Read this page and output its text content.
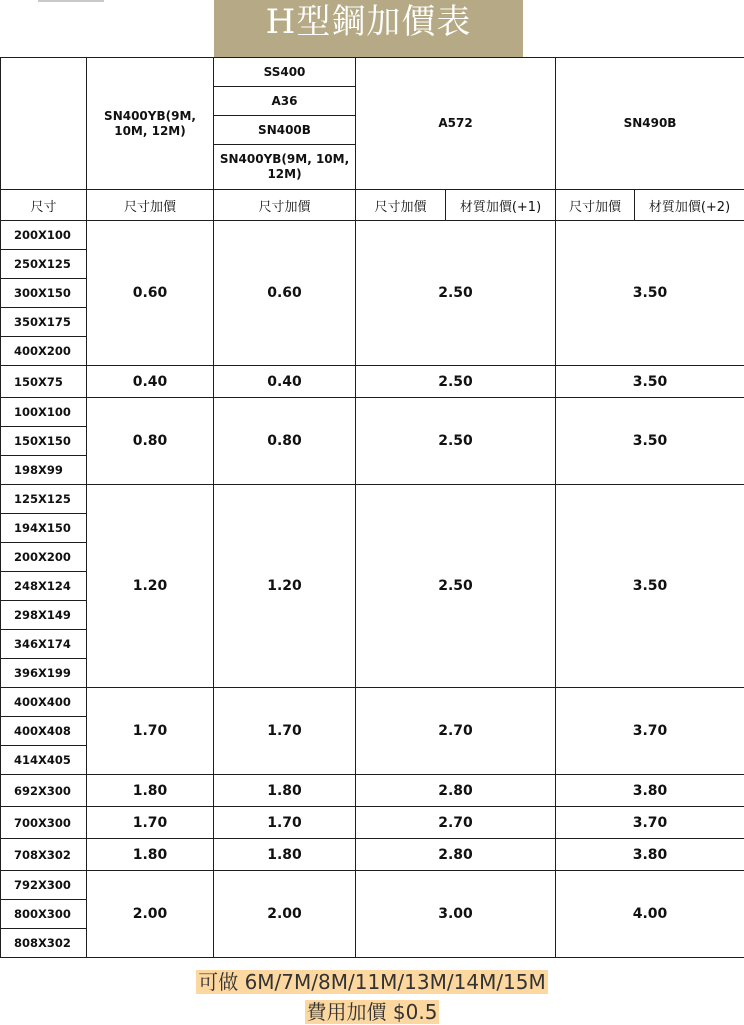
H型鋼加價表
	SN400YB(9M, 10M, 12M)	SS400	A572		SN490B	
		A36				
		SN400B				
		SN400YB(9M, 10M, 12M)				
尺寸	尺寸加價	尺寸加價	尺寸加價	材質加價(+1)	尺寸加價	材質加價(+2)
200X100	0.60	0.60	2.50		3.50	
250X125						
300X150						
350X175						
400X200						
150X75	0.40	0.40	2.50		3.50	
100X100	0.80	0.80	2.50		3.50	
150X150						
198X99						
125X125	1.20	1.20	2.50		3.50	
194X150						
200X200						
248X124						
298X149						
346X174						
396X199						
400X400	1.70	1.70	2.70		3.70	
400X408						
414X405						
692X300	1.80	1.80	2.80		3.80	
700X300	1.70	1.70	2.70		3.70	
708X302	1.80	1.80	2.80		3.80	
792X300	2.00	2.00	3.00		4.00	
800X300						
808X302						
可做 6M/7M/8M/11M/13M/14M/15M
費用加價 $0.5
